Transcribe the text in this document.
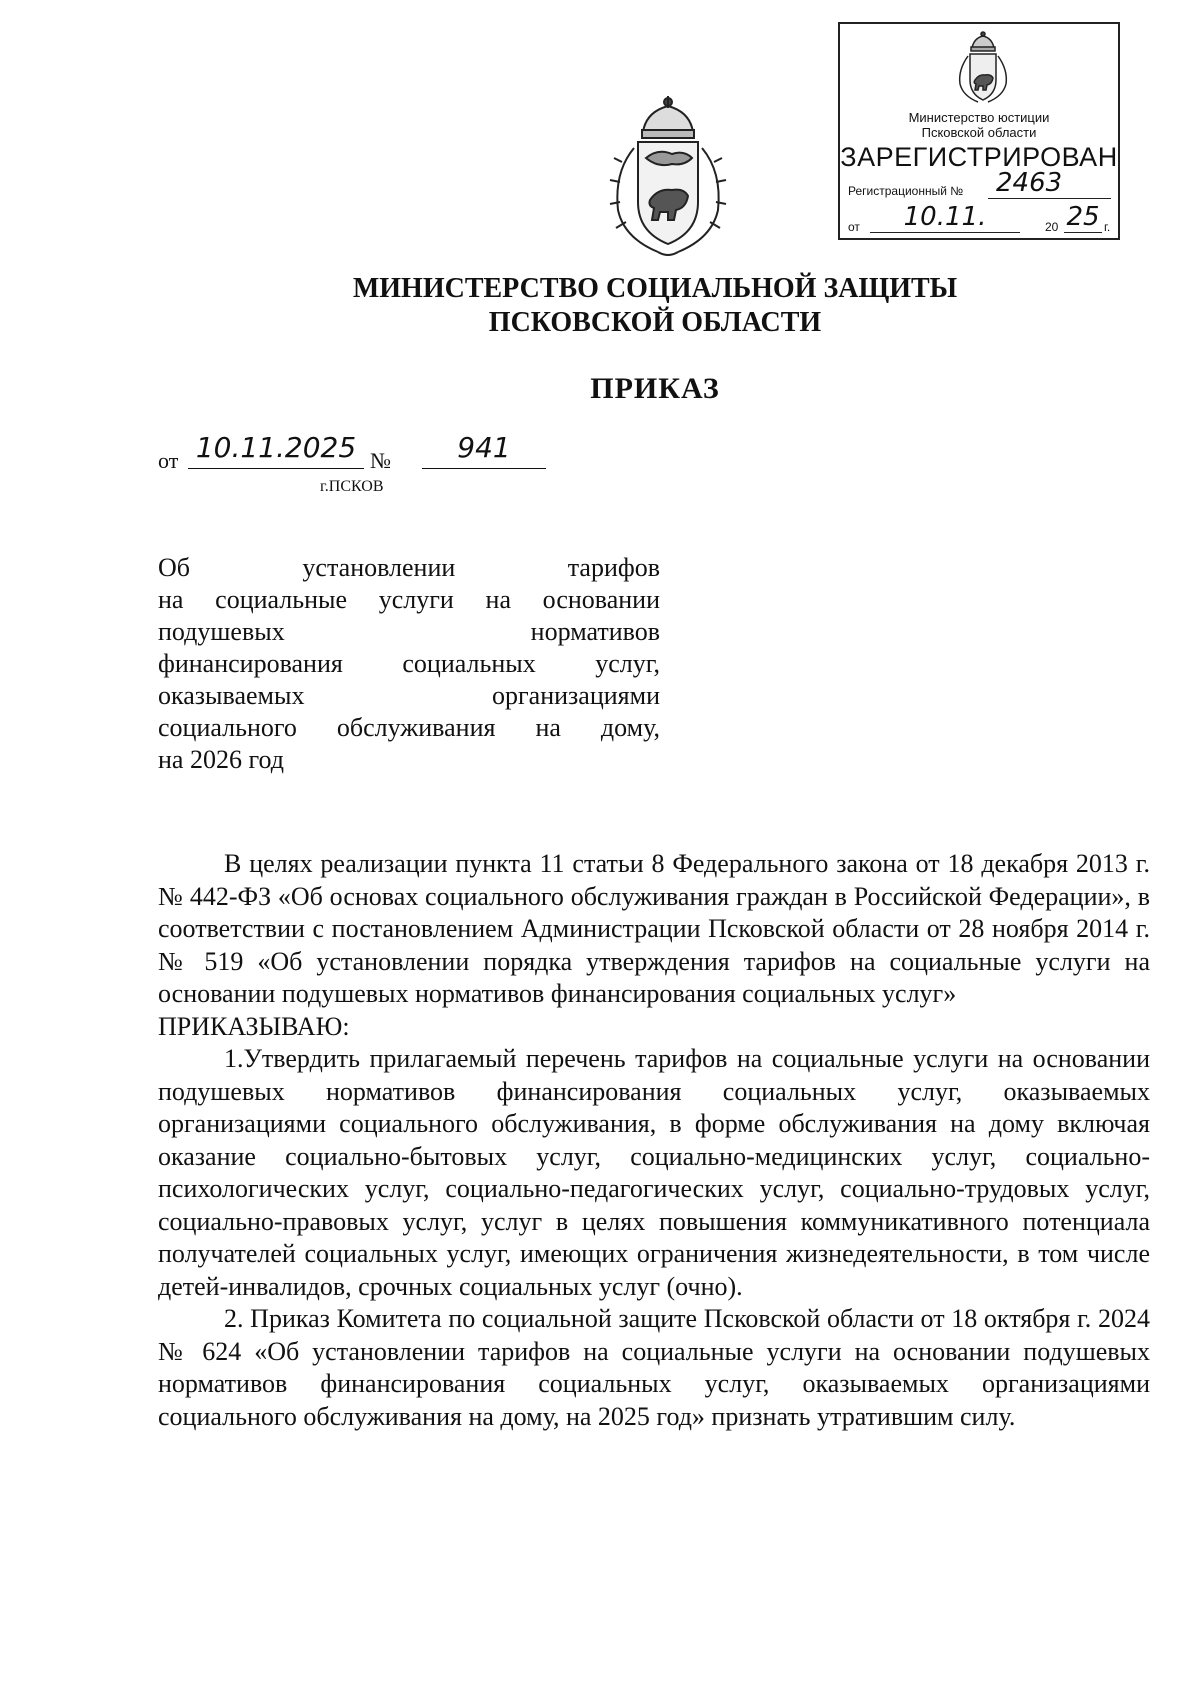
Министерство юстиции
Псковской области
ЗАРЕГИСТРИРОВАН
Регистрационный №	2463
от	10.11.	20 25 г.
МИНИСТЕРСТВО СОЦИАЛЬНОЙ ЗАЩИТЫ
ПСКОВСКОЙ ОБЛАСТИ
ПРИКАЗ
от 10.11.2025 №	941
г.ПСКОВ
Об установлении тарифов
на социальные услуги на основании
подушевых нормативов
финансирования социальных услуг,
оказываемых организациями
социального обслуживания на дому,
на 2026 год

В целях реализации пункта 11 статьи 8 Федерального закона от 18 декабря 2013 г. № 442-ФЗ «Об основах социального обслуживания граждан в Российской Федерации», в соответствии с постановлением Администрации Псковской области от 28 ноября 2014 г. № 519 «Об установлении порядка утверждения тарифов на социальные услуги на основании подушевых нормативов финансирования социальных услуг»

ПРИКАЗЫВАЮ:

1.Утвердить прилагаемый перечень тарифов на социальные услуги на основании подушевых нормативов финансирования социальных услуг, оказываемых организациями социального обслуживания, в форме обслуживания на дому включая оказание социально-бытовых услуг, социально-медицинских услуг, социально-психологических услуг, социально-педагогических услуг, социально-трудовых услуг, социально-правовых услуг, услуг в целях повышения коммуникативного потенциала получателей социальных услуг, имеющих ограничения жизнедеятельности, в том числе детей-инвалидов, срочных социальных услуг (очно).

2. Приказ Комитета по социальной защите Псковской области от 18 октября г. 2024 № 624 «Об установлении тарифов на социальные услуги на основании подушевых нормативов финансирования социальных услуг, оказываемых организациями социального обслуживания на дому, на 2025 год» признать утратившим силу.
